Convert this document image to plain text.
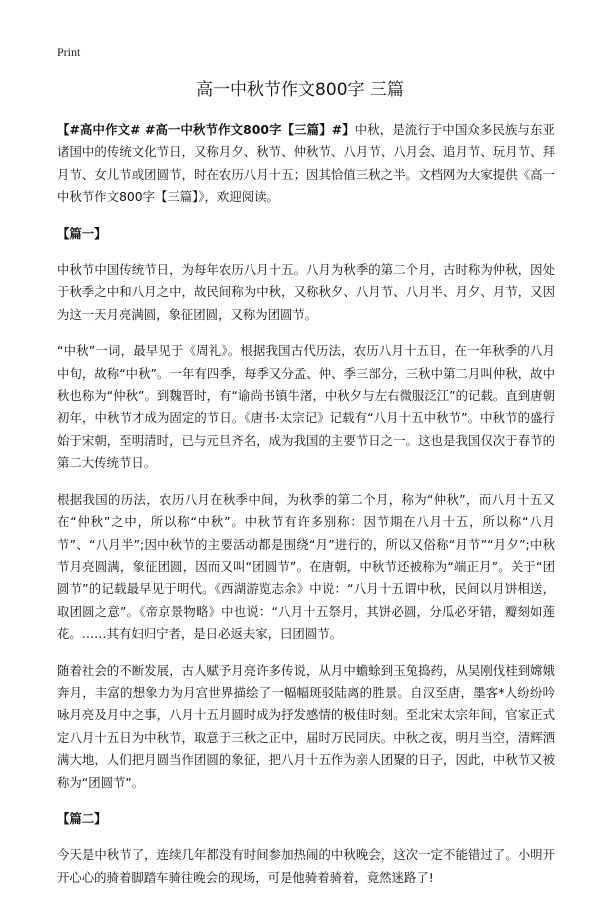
Print
高一中秋节作文800字 三篇

【#高中作文# #高一中秋节作文800字【三篇】#】中秋，是流行于中国众多民族与东亚诸国中的传统文化节日，又称月夕、秋节、仲秋节、八月节、八月会、追月节、玩月节、拜月节、女儿节或团圆节，时在农历八月十五；因其恰值三秋之半。文档网为大家提供《高一中秋节作文800字【三篇】》，欢迎阅读。

【篇一】

中秋节中国传统节日，为每年农历八月十五。八月为秋季的第二个月，古时称为仲秋，因处于秋季之中和八月之中，故民间称为中秋，又称秋夕、八月节、八月半、月夕、月节，又因为这一天月亮满圆，象征团圆，又称为团圆节。

“中秋”一词，最早见于《周礼》。根据我国古代历法，农历八月十五日，在一年秋季的八月中旬，故称“中秋”。一年有四季，每季又分孟、仲、季三部分，三秋中第二月叫仲秋，故中秋也称为“仲秋”。到魏晋时，有“谕尚书镇牛渚，中秋夕与左右微服泛江”的记载。直到唐朝初年，中秋节才成为固定的节日。《唐书·太宗记》记载有“八月十五中秋节”。中秋节的盛行始于宋朝，至明清时，已与元旦齐名，成为我国的主要节日之一。这也是我国仅次于春节的第二大传统节日。

根据我国的历法，农历八月在秋季中间，为秋季的第二个月，称为“仲秋”，而八月十五又在“仲秋”之中，所以称“中秋”。中秋节有许多别称：因节期在八月十五，所以称“八月节”、“八月半”;因中秋节的主要活动都是围绕“月”进行的，所以又俗称“月节”“月夕”;中秋节月亮圆满，象征团圆，因而又叫“团圆节”。在唐朝，中秋节还被称为“端正月”。关于“团圆节”的记载最早见于明代。《西湖游览志余》中说：“八月十五谓中秋，民间以月饼相送，取团圆之意”。《帝京景物略》中也说：“八月十五祭月，其饼必圆，分瓜必牙错，瓣刻如莲花。……其有妇归宁者，是日必返夫家，曰团圆节。

随着社会的不断发展，古人赋予月亮许多传说，从月中蟾蜍到玉兔捣药，从吴刚伐桂到嫦娥奔月，丰富的想象力为月宫世界描绘了一幅幅斑驳陆离的胜景。自汉至唐，墨客*人纷纷吟咏月亮及月中之事，八月十五月圆时成为抒发感情的极佳时刻。至北宋太宗年间，官家正式定八月十五日为中秋节，取意于三秋之正中，届时万民同庆。中秋之夜，明月当空，清辉洒满大地，人们把月圆当作团圆的象征，把八月十五作为亲人团聚的日子，因此，中秋节又被称为“团圆节”。

【篇二】

今天是中秋节了，连续几年都没有时间参加热闹的中秋晚会，这次一定不能错过了。小明开开心心的骑着脚踏车骑往晚会的现场，可是他骑着骑着，竟然迷路了!
